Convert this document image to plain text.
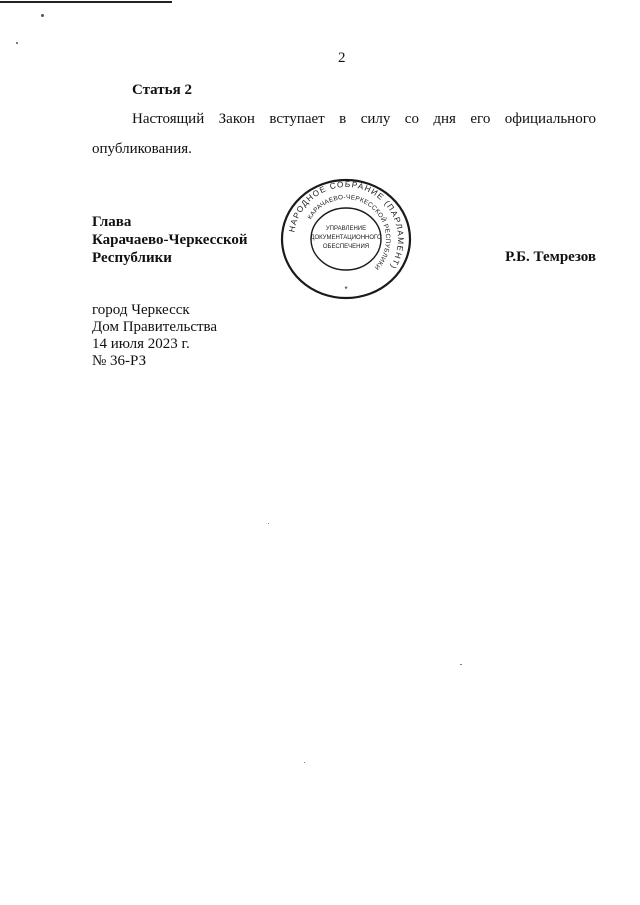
2
Статья 2

Настоящий Закон вступает в силу со дня его официального опубликования.

Глава
Карачаево-Черкесской
Республики
НАРОДНОЕ СОБРАНИЕ (ПАРЛАМЕНТ)
КАРАЧАЕВО-ЧЕРКЕССКОЙ РЕСПУБЛИКИ
УПРАВЛЕНИЕ
ДОКУМЕНТАЦИОННОГО
ОБЕСПЕЧЕНИЯ
*
Р.Б. Темрезов
город Черкесск
Дом Правительства
14 июля 2023 г.
№ 36-РЗ
